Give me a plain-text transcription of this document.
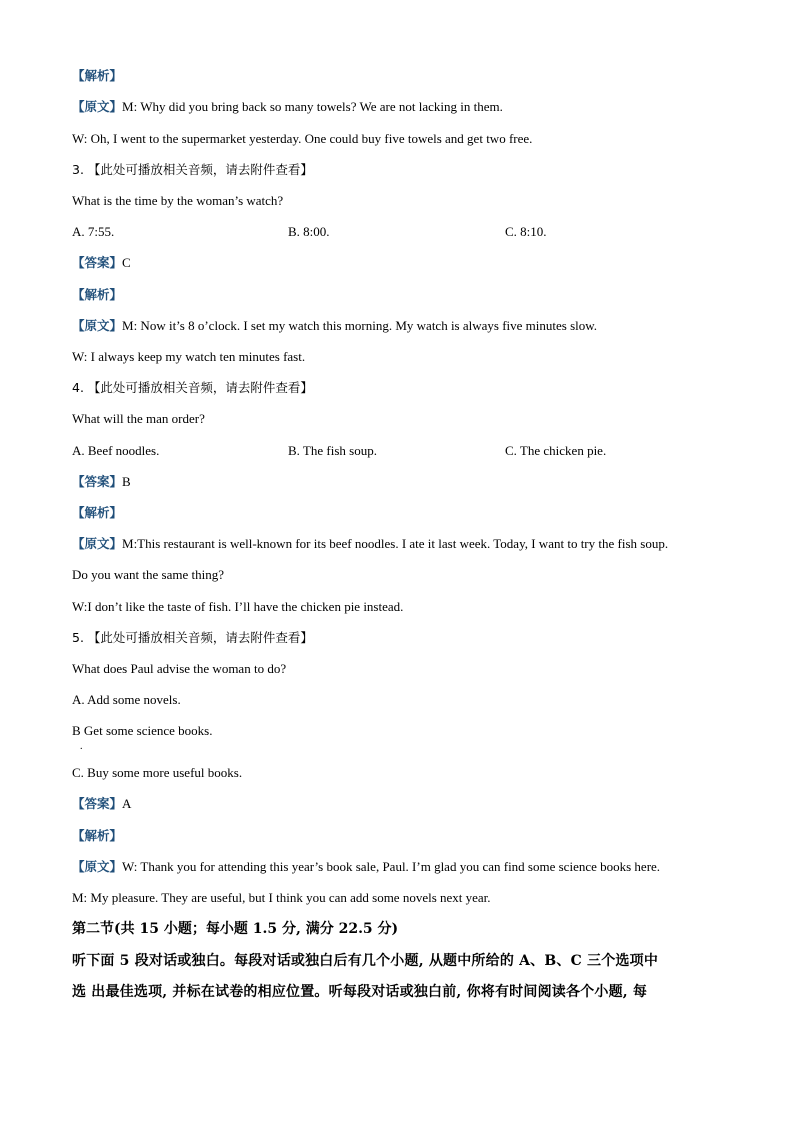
【解析】
【原文】M: Why did you bring back so many towels? We are not lacking in them.
W: Oh, I went to the supermarket yesterday. One could buy five towels and get two free.
3. 【此处可播放相关音频，请去附件查看】
What is the time by the woman’s watch?
A. 7:55.	B. 8:00.	C. 8:10.
【答案】C
【解析】
【原文】M: Now it’s 8 o’clock. I set my watch this morning. My watch is always five minutes slow.
W: I always keep my watch ten minutes fast.
4. 【此处可播放相关音频，请去附件查看】
What will the man order?
A. Beef noodles.	B. The fish soup.	C. The chicken pie.
【答案】B
【解析】
【原文】M:This restaurant is well-known for its beef noodles. I ate it last week. Today, I want to try the fish soup.
Do you want the same thing?
W:I don’t like the taste of fish. I’ll have the chicken pie instead.
5. 【此处可播放相关音频，请去附件查看】
What does Paul advise the woman to do?
A. Add some novels.
B Get some science books.
.
C. Buy some more useful books.
【答案】A
【解析】
【原文】W: Thank you for attending this year’s book sale, Paul. I’m glad you can find some science books here.
M: My pleasure. They are useful, but I think you can add some novels next year.
第二节(共 15 小题；每小题 1.5 分, 满分 22.5 分)
听下面 5 段对话或独白。每段对话或独白后有几个小题, 从题中所给的 A、B、C 三个选项中
选 出最佳选项, 并标在试卷的相应位置。听每段对话或独白前, 你将有时间阅读各个小题, 每
